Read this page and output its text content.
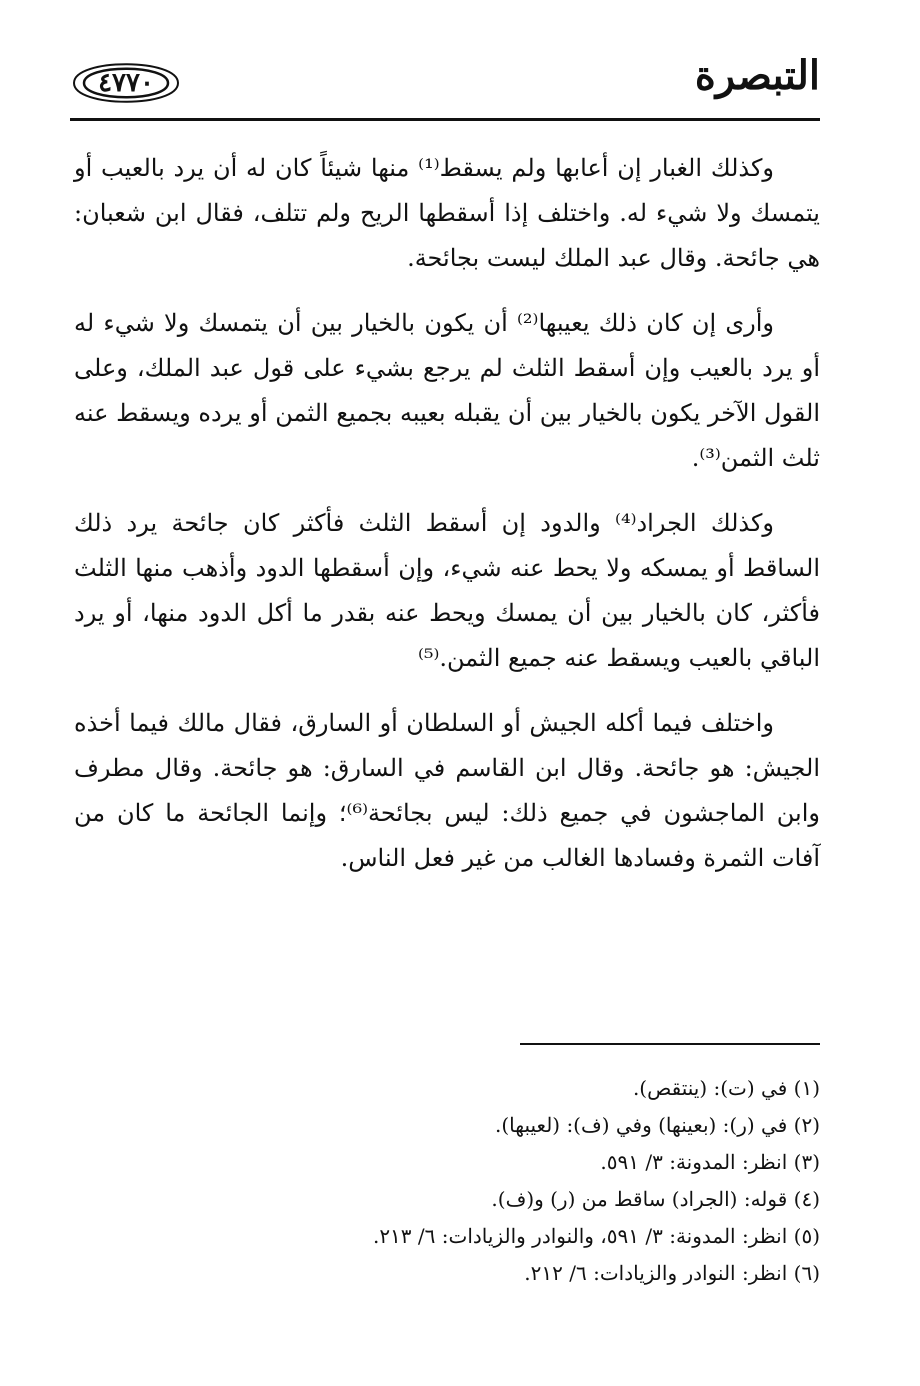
٤٧٧٠	التبصرة

وكذلك الغبار إن أعابها ولم يسقط⁽¹⁾ منها شيئاً كان له أن يرد بالعيب أو يتمسك ولا شيء له. واختلف إذا أسقطها الريح ولم تتلف، فقال ابن شعبان: هي جائحة. وقال عبد الملك ليست بجائحة.

وأرى إن كان ذلك يعيبها⁽²⁾ أن يكون بالخيار بين أن يتمسك ولا شيء له أو يرد بالعيب وإن أسقط الثلث لم يرجع بشيء على قول عبد الملك، وعلى القول الآخر يكون بالخيار بين أن يقبله بعيبه بجميع الثمن أو يرده ويسقط عنه ثلث الثمن⁽³⁾.

وكذلك الجراد⁽⁴⁾ والدود إن أسقط الثلث فأكثر كان جائحة يرد ذلك الساقط أو يمسكه ولا يحط عنه شيء، وإن أسقطها الدود وأذهب منها الثلث فأكثر، كان بالخيار بين أن يمسك ويحط عنه بقدر ما أكل الدود منها، أو يرد الباقي بالعيب ويسقط عنه جميع الثمن.⁽⁵⁾

واختلف فيما أكله الجيش أو السلطان أو السارق، فقال مالك فيما أخذه الجيش: هو جائحة. وقال ابن القاسم في السارق: هو جائحة. وقال مطرف وابن الماجشون في جميع ذلك: ليس بجائحة⁽⁶⁾؛ وإنما الجائحة ما كان من آفات الثمرة وفسادها الغالب من غير فعل الناس.

(١) في (ت): (ينتقص).

(٢) في (ر): (بعينها) وفي (ف): (لعيبها).

(٣) انظر: المدونة: ٣/ ٥٩١.

(٤) قوله: (الجراد) ساقط من (ر) و(ف).

(٥) انظر: المدونة: ٣/ ٥٩١، والنوادر والزيادات: ٦/ ٢١٣.

(٦) انظر: النوادر والزيادات: ٦/ ٢١٢.
